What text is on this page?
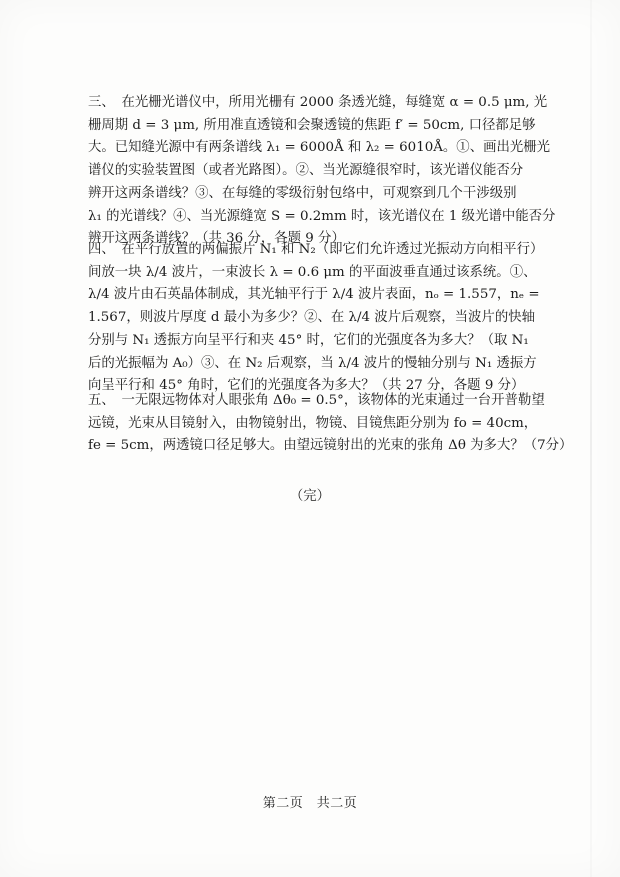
三、　在光栅光谱仪中，所用光栅有 2000 条透光缝，每缝宽 α = 0.5 μm, 光

栅周期 d = 3 μm, 所用准直透镜和会聚透镜的焦距 f′ = 50cm, 口径都足够

大。已知缝光源中有两条谱线 λ₁ = 6000Å 和 λ₂ = 6010Å。①、画出光栅光

谱仪的实验装置图（或者光路图）。②、当光源缝很窄时，该光谱仪能否分

辨开这两条谱线？③、在每缝的零级衍射包络中，可观察到几个干涉级别

λ₁ 的光谱线？④、当光源缝宽 S = 0.2mm 时，该光谱仪在 1 级光谱中能否分

辨开这两条谱线？（共 36 分，各题 9 分）

四、　在平行放置的两偏振片 N₁ 和 N₂（即它们允许透过光振动方向相平行）

间放一块 λ/4 波片，一束波长 λ = 0.6 μm 的平面波垂直通过该系统。①、

λ/4 波片由石英晶体制成，其光轴平行于 λ/4 波片表面，nₒ = 1.557，nₑ =

1.567，则波片厚度 d 最小为多少？②、在 λ/4 波片后观察，当波片的快轴

分别与 N₁ 透振方向呈平行和夹 45° 时，它们的光强度各为多大？（取 N₁

后的光振幅为 A₀）③、在 N₂ 后观察，当 λ/4 波片的慢轴分别与 N₁ 透振方

向呈平行和 45° 角时，它们的光强度各为多大？（共 27 分，各题 9 分）

五、　一无限远物体对人眼张角 Δθ₀ = 0.5°，该物体的光束通过一台开普勒望

远镜，光束从目镜射入，由物镜射出，物镜、目镜焦距分别为 fo = 40cm，

fe = 5cm，两透镜口径足够大。由望远镜射出的光束的张角 Δθ 为多大？（7分）

（完）
第二页　共二页
